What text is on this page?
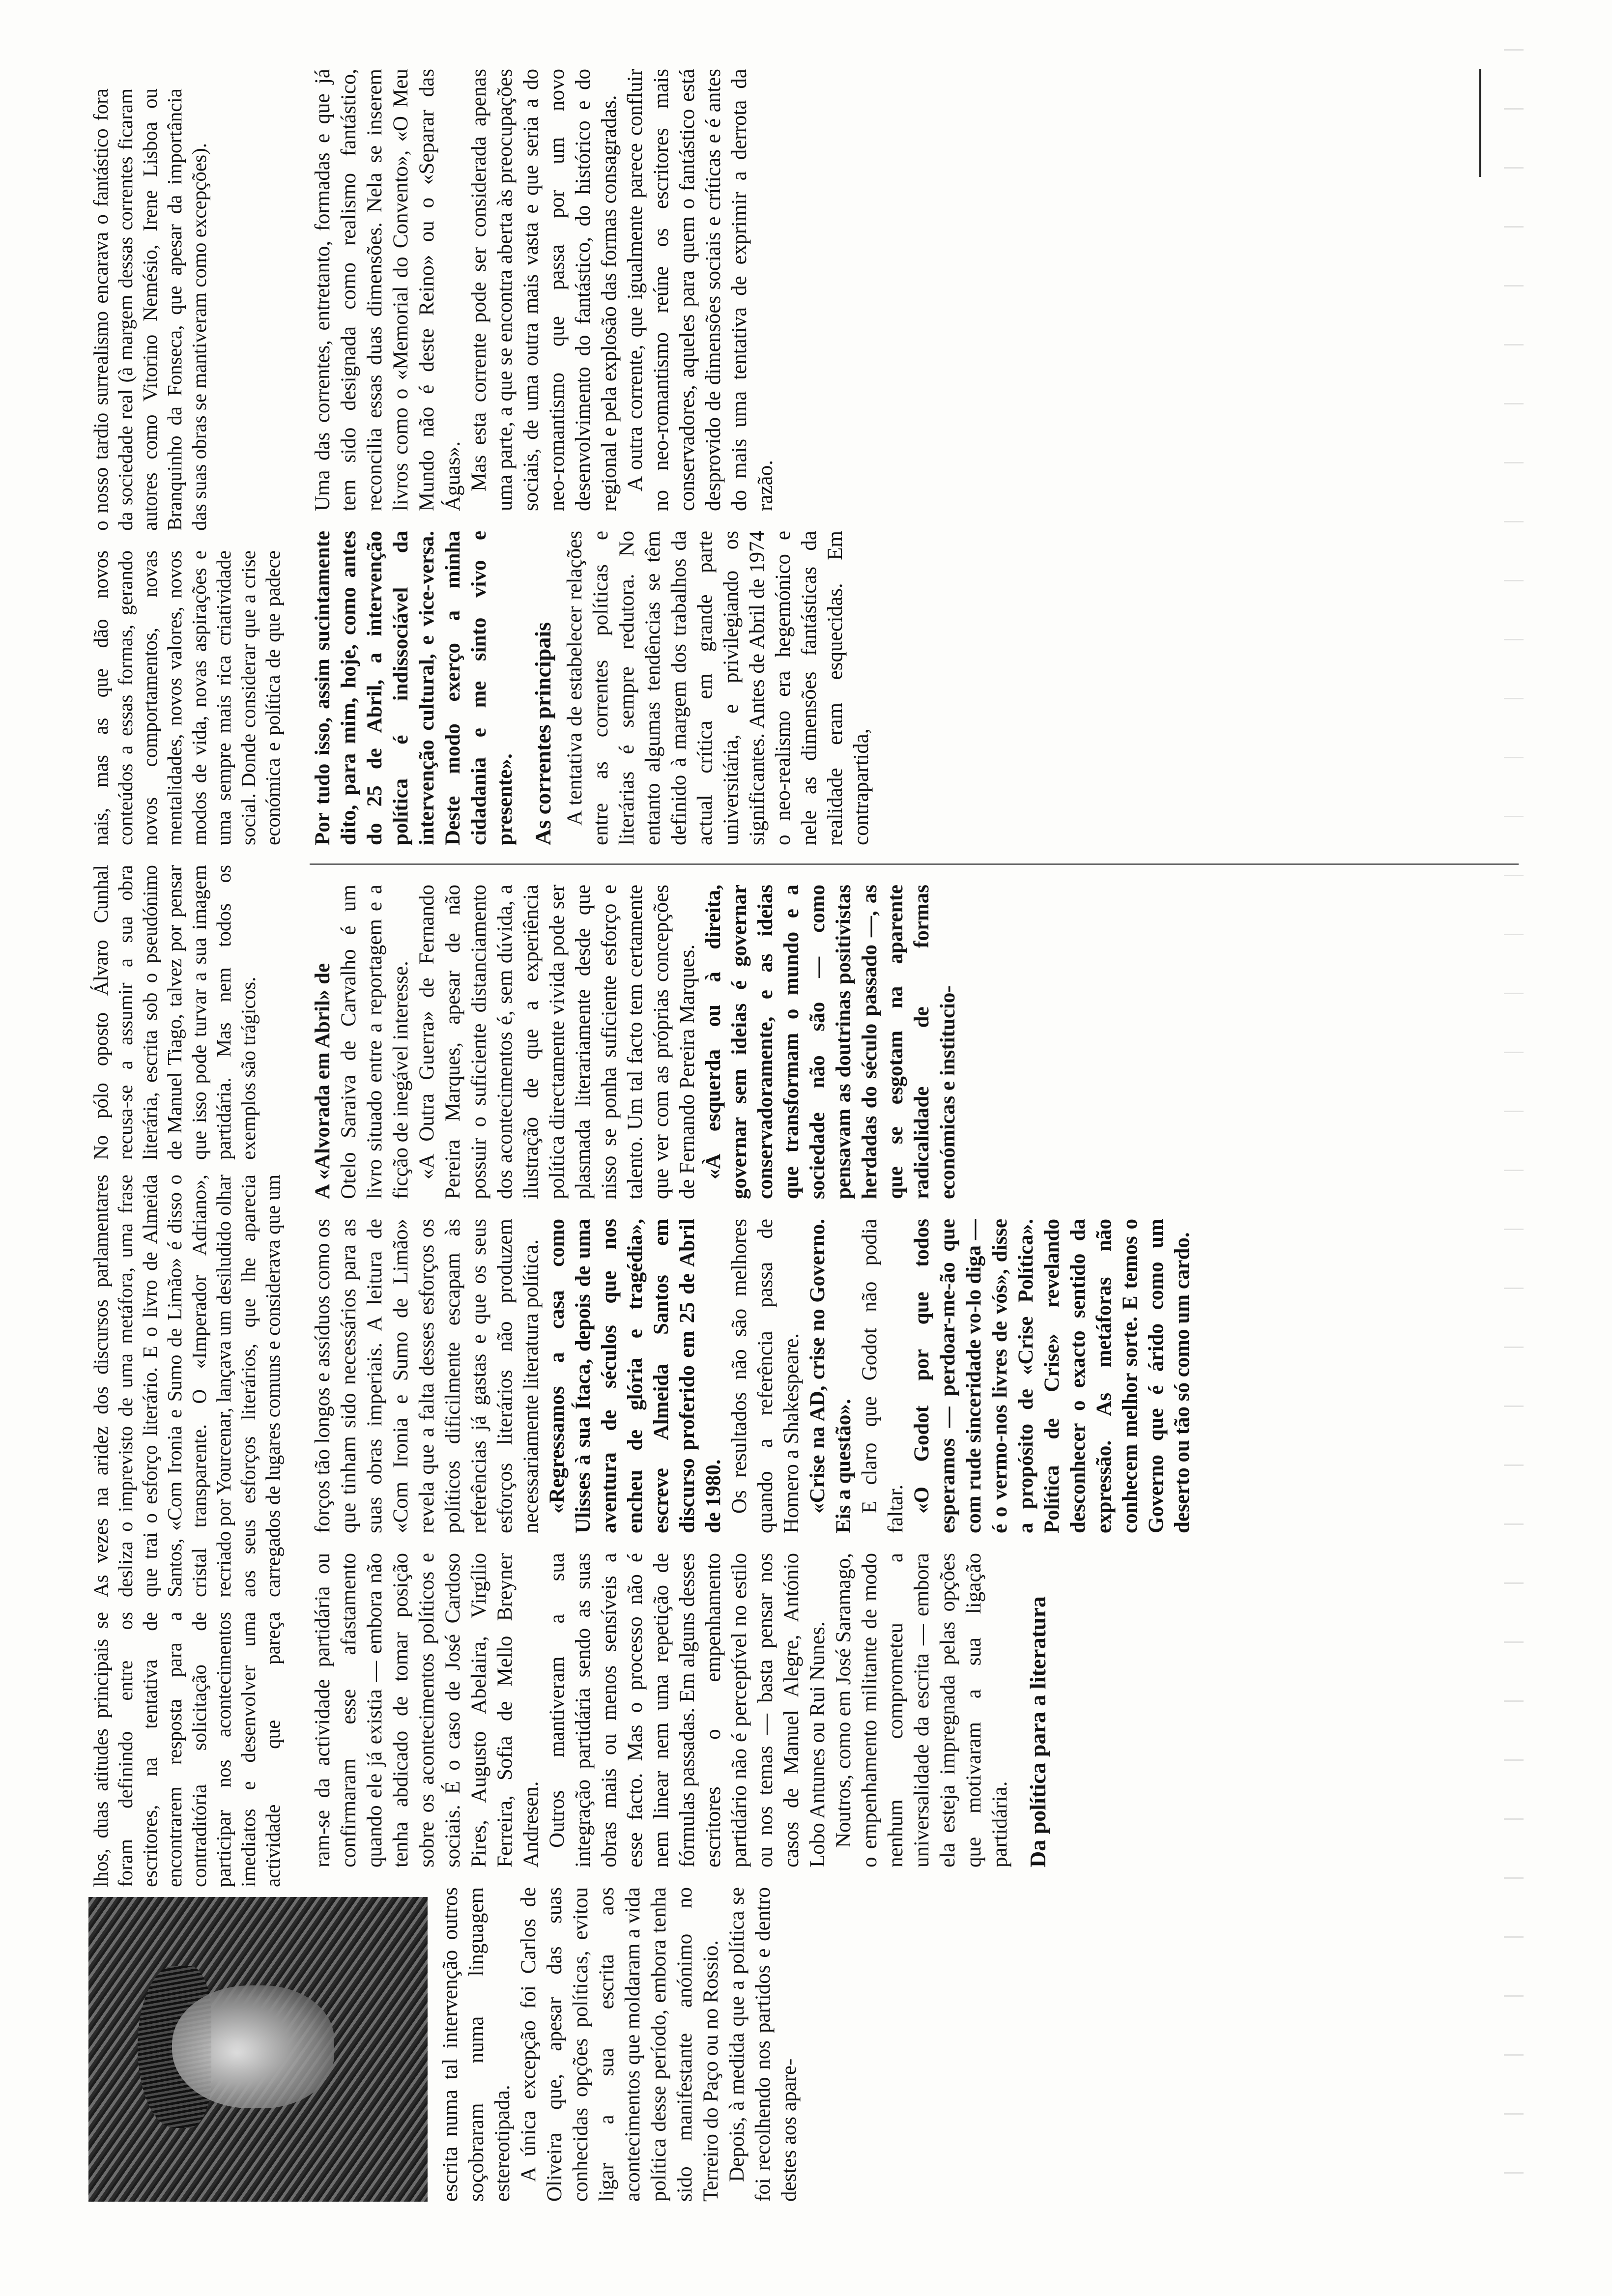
lhos, duas atitudes principais se foram definindo entre os escritores, na tentativa de encontrarem resposta para a contraditória solicitação de participar nos acontecimentos imediatos e desenvolver uma actividade que pareça
As vezes na aridez dos discursos parlamentares desliza o imprevisto de uma metáfora, uma frase que trai o esforço literário. E o livro de Almeida Santos, «Com Ironia e Sumo de Limão» é disso o cristal transparente. O «Imperador Adriano», recriado por Yourcenar, lançava um desiludido olhar aos seus esforços literários, que lhe aparecia carregados de lugares comuns e considerava que um
No pólo oposto Álvaro Cunhal recusa-se a assumir a sua obra literária, escrita sob o pseudónimo de Manuel Tiago, talvez por pensar que isso pode turvar a sua imagem partidária. Mas nem todos os exemplos são trágicos.
nais, mas as que dão novos conteúdos a essas formas, gerando novos comportamentos, novas mentalidades, novos valores, novos modos de vida, novas aspirações e uma sempre mais rica criatividade social. Donde considerar que a crise económica e política de que padece
o nosso tardio surrealismo encarava o fantástico fora da sociedade real (à margem dessas correntes ficaram autores como Vitorino Nemésio, Irene Lisboa ou Branquinho da Fonseca, que apesar da importância das suas obras se mantiveram como excepções).

escrita numa tal intervenção outros soçobraram numa linguagem estereotipada. A única excepção foi Carlos de Oliveira que, apesar das suas conhecidas opções políticas, evitou ligar a sua escrita aos acontecimentos que moldaram a vida política desse período, embora tenha sido manifestante anónimo no Terreiro do Paço ou no Rossio. Depois, à medida que a política se foi recolhendo nos partidos e dentro destes aos apare-

ram-se da actividade partidária ou confirmaram esse afastamento quando ele já existia — embora não tenha abdicado de tomar posição sobre os acontecimentos políticos e sociais. É o caso de José Cardoso Pires, Augusto Abelaira, Virgílio Ferreira, Sofia de Mello Breyner Andresen. Outros mantiveram a sua integração partidária sendo as suas obras mais ou menos sensíveis a esse facto. Mas o processo não é nem linear nem uma repetição de fórmulas passadas. Em alguns desses escritores o empenhamento partidário não é perceptível no estilo ou nos temas — basta pensar nos casos de Manuel Alegre, António Lobo Antunes ou Rui Nunes. Noutros, como em José Saramago, o empenhamento militante de modo nenhum comprometeu a universalidade da escrita — embora ela esteja impregnada pelas opções que motivaram a sua ligação partidária. Da política para a literatura

forços tão longos e assíduos como os que tinham sido necessários para as suas obras imperiais. A leitura de «Com Ironia e Sumo de Limão» revela que a falta desses esforços os políticos dificilmente escapam às referências já gastas e que os seus esforços literários não produzem necessariamente literatura política. «Regressamos a casa como Ulisses à sua Ítaca, depois de uma aventura de séculos que nos encheu de glória e tragédia», escreve Almeida Santos em discurso proferido em 25 de Abril de 1980. Os resultados não são melhores quando a referência passa de Homero a Shakespeare. «Crise na AD, crise no Governo. Eis a questão». E claro que Godot não podia faltar. «O Godot por que todos esperamos — perdoar-me-ão que com rude sinceridade vo-lo diga — é o vermo-nos livres de vós», disse a propósito de «Crise Política». Política de Crise» revelando desconhecer o exacto sentido da expressão. As metáforas não conhecem melhor sorte. E temos o Governo que é árido como um deserto ou tão só como um cardo.

A «Alvorada em Abril» de Otelo Saraiva de Carvalho é um livro situado entre a reportagem e a ficção de inegável interesse. «A Outra Guerra» de Fernando Pereira Marques, apesar de não possuir o suficiente distanciamento dos acontecimentos é, sem dúvida, a ilustração de que a experiência política directamente vivida pode ser plasmada literariamente desde que nisso se ponha suficiente esforço e talento. Um tal facto tem certamente que ver com as próprias concepções de Fernando Pereira Marques. «À esquerda ou à direita, governar sem ideias é governar conservadoramente, e as ideias que transformam o mundo e a sociedade não são — como pensavam as doutrinas positivistas herdadas do século passado —, as que se esgotam na aparente radicalidade de formas económicas e institucio-

Por tudo isso, assim sucintamente dito, para mim, hoje, como antes do 25 de Abril, a intervenção política é indissociável da intervenção cultural, e vice-versa. Deste modo exerço a minha cidadania e me sinto vivo e presente». As correntes principais A tentativa de estabelecer relações entre as correntes políticas e literárias é sempre redutora. No entanto algumas tendências se têm definido à margem dos trabalhos da actual crítica em grande parte universitária, e privilegiando os significantes. Antes de Abril de 1974 o neo-realismo era hegemónico e nele as dimensões fantásticas da realidade eram esquecidas. Em contrapartida,

Uma das correntes, entretanto, formadas e que já tem sido designada como realismo fantástico, reconcilia essas duas dimensões. Nela se inserem livros como o «Memorial do Convento», «O Meu Mundo não é deste Reino» ou o «Separar das Águas». Mas esta corrente pode ser considerada apenas uma parte, a que se encontra aberta às preocupações sociais, de uma outra mais vasta e que seria a do neo-romantismo que passa por um novo desenvolvimento do fantástico, do histórico e do regional e pela explosão das formas consagradas. A outra corrente, que igualmente parece confluir no neo-romantismo reúne os escritores mais conservadores, aqueles para quem o fantástico está desprovido de dimensões sociais e críticas e é antes do mais uma tentativa de exprimir a derrota da razão.
